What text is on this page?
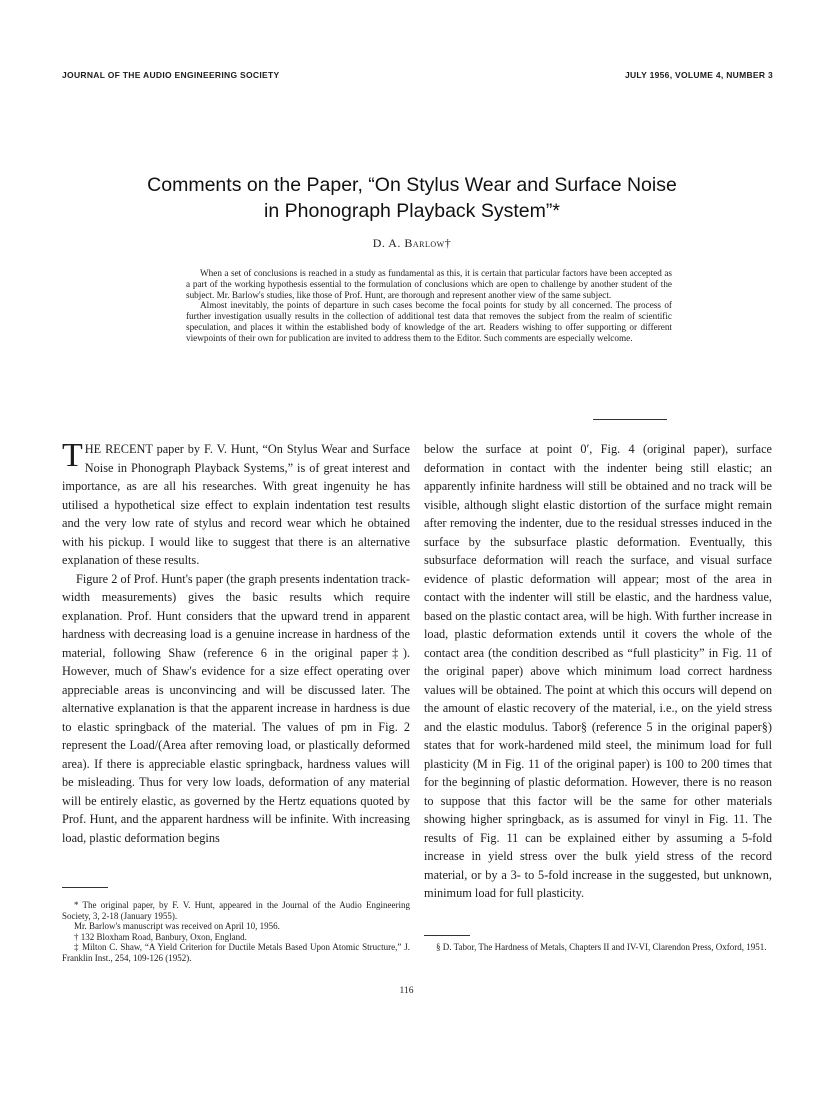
JOURNAL OF THE AUDIO ENGINEERING SOCIETY	JULY 1956, VOLUME 4, NUMBER 3
Comments on the Paper, “On Stylus Wear and Surface Noise
in Phonograph Playback System”*
D. A. Barlow†

When a set of conclusions is reached in a study as fundamental as this, it is certain that particular factors have been accepted as a part of the working hypothesis essential to the formulation of conclusions which are open to challenge by another student of the subject. Mr. Barlow's studies, like those of Prof. Hunt, are thorough and represent another view of the same subject.

Almost inevitably, the points of departure in such cases become the focal points for study by all concerned. The process of further investigation usually results in the collection of additional test data that removes the subject from the realm of scientific speculation, and places it within the established body of knowledge of the art. Readers wishing to offer supporting or different viewpoints of their own for publication are invited to address them to the Editor. Such comments are especially welcome.

THE RECENT paper by F. V. Hunt, “On Stylus Wear and Surface Noise in Phonograph Playback Systems,” is of great interest and importance, as are all his researches. With great ingenuity he has utilised a hypothetical size effect to explain indentation test results and the very low rate of stylus and record wear which he obtained with his pickup. I would like to suggest that there is an alternative explanation of these results.

Figure 2 of Prof. Hunt's paper (the graph presents indentation track-width measurements) gives the basic results which require explanation. Prof. Hunt considers that the upward trend in apparent hardness with decreasing load is a genuine increase in hardness of the material, following Shaw (reference 6 in the original paper‡). However, much of Shaw's evidence for a size effect operating over appreciable areas is unconvincing and will be discussed later. The alternative explanation is that the apparent increase in hardness is due to elastic springback of the material. The values of pm in Fig. 2 represent the Load/(Area after removing load, or plastically deformed area). If there is appreciable elastic springback, hardness values will be misleading. Thus for very low loads, deformation of any material will be entirely elastic, as governed by the Hertz equations quoted by Prof. Hunt, and the apparent hardness will be infinite. With increasing load, plastic deformation begins

below the surface at point 0′, Fig. 4 (original paper), surface deformation in contact with the indenter being still elastic; an apparently infinite hardness will still be obtained and no track will be visible, although slight elastic distortion of the surface might remain after removing the indenter, due to the residual stresses induced in the surface by the subsurface plastic deformation. Eventually, this subsurface deformation will reach the surface, and visual surface evidence of plastic deformation will appear; most of the area in contact with the indenter will still be elastic, and the hardness value, based on the plastic contact area, will be high. With further increase in load, plastic deformation extends until it covers the whole of the contact area (the condition described as “full plasticity” in Fig. 11 of the original paper) above which minimum load correct hardness values will be obtained. The point at which this occurs will depend on the amount of elastic recovery of the material, i.e., on the yield stress and the elastic modulus. Tabor§ (reference 5 in the original paper§) states that for work-hardened mild steel, the minimum load for full plasticity (M in Fig. 11 of the original paper) is 100 to 200 times that for the beginning of plastic deformation. However, there is no reason to suppose that this factor will be the same for other materials showing higher springback, as is assumed for vinyl in Fig. 11. The results of Fig. 11 can be explained either by assuming a 5-fold increase in yield stress over the bulk yield stress of the record material, or by a 3- to 5-fold increase in the suggested, but unknown, minimum load for full plasticity.

* The original paper, by F. V. Hunt, appeared in the Journal of the Audio Engineering Society, 3, 2-18 (January 1955).

Mr. Barlow's manuscript was received on April 10, 1956.

† 132 Bloxham Road, Banbury, Oxon, England.

‡ Milton C. Shaw, “A Yield Criterion for Ductile Metals Based Upon Atomic Structure,” J. Franklin Inst., 254, 109-126 (1952).

§ D. Tabor, The Hardness of Metals, Chapters II and IV-VI, Clarendon Press, Oxford, 1951.

116
